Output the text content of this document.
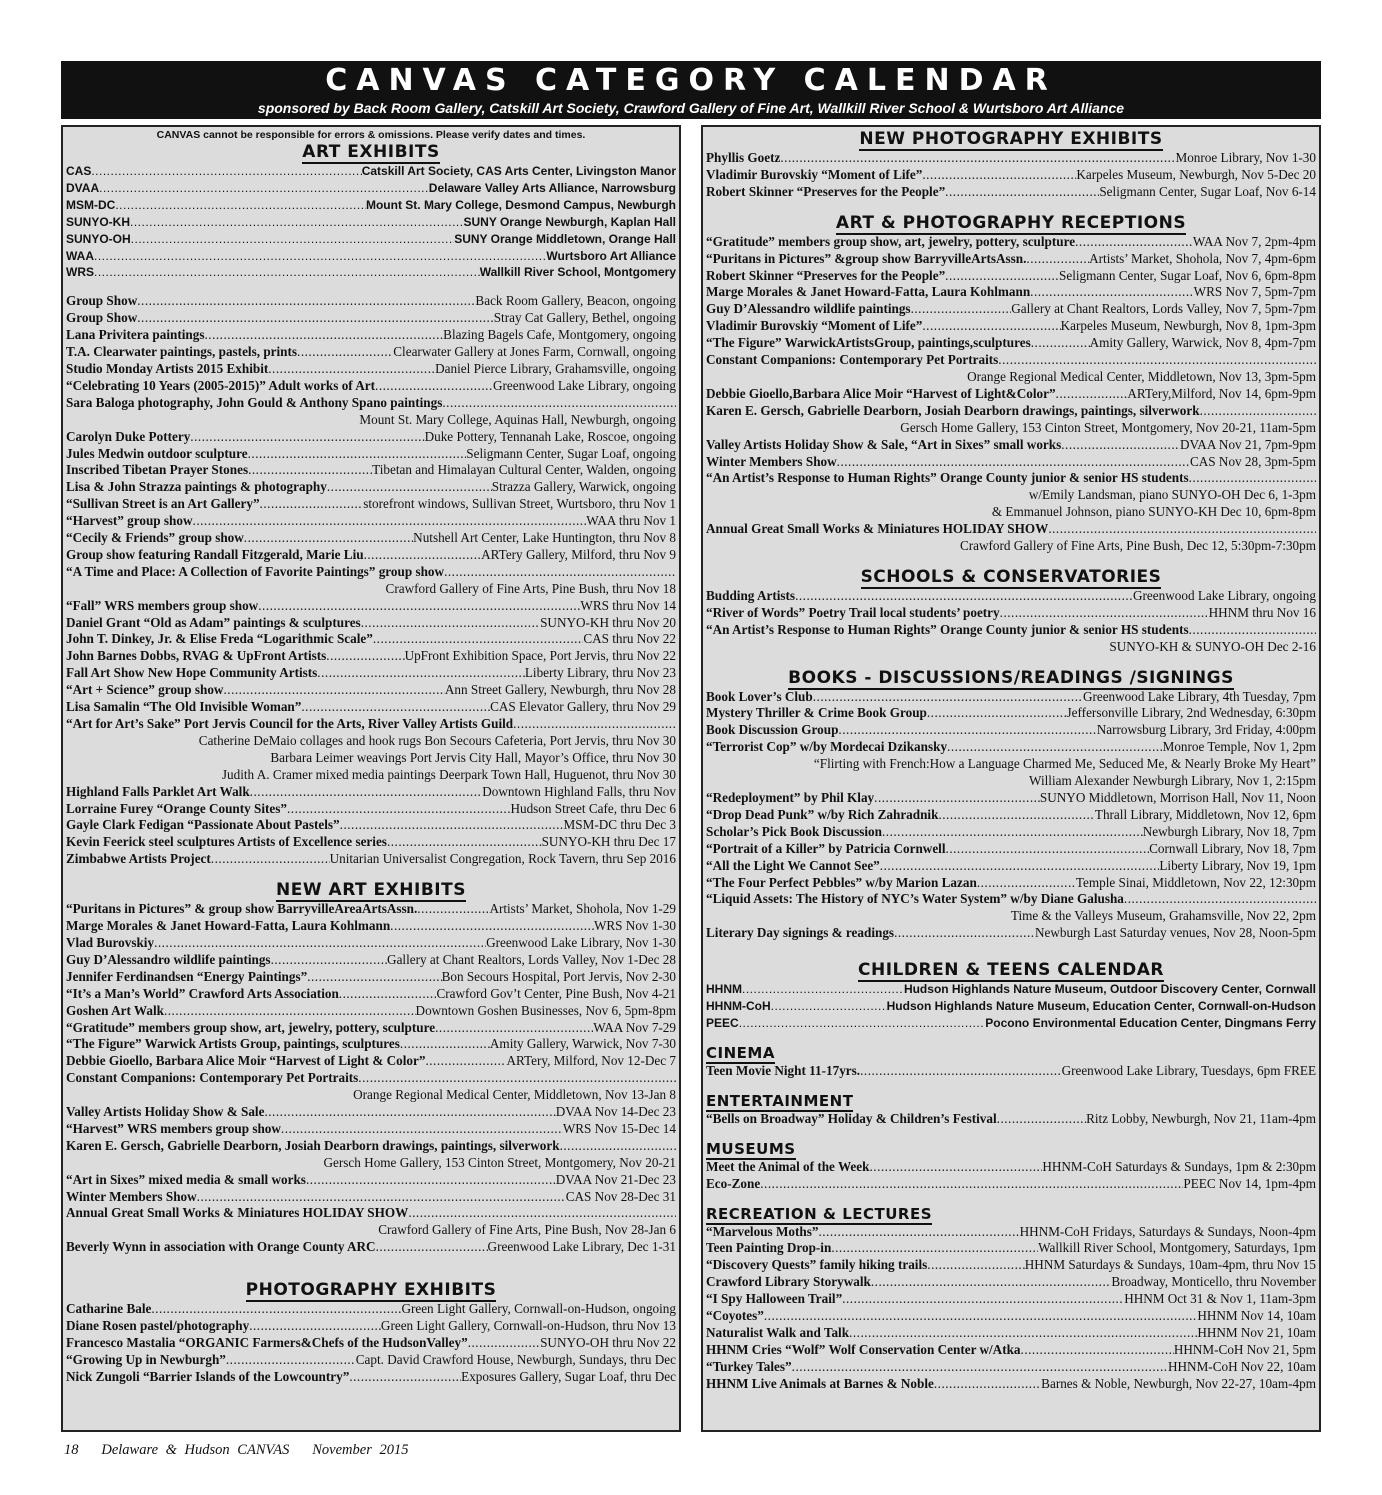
CANVAS CATEGORY CALENDAR
sponsored by Back Room Gallery, Catskill Art Society, Crawford Gallery of Fine Art, Wallkill River School & Wurtsboro Art Alliance
CANVAS cannot be responsible for errors & omissions. Please verify dates and times.
ART EXHIBITS
CAS .....	Catskill Art Society, CAS Arts Center, Livingston Manor
DVAA .....	Delaware Valley Arts Alliance, Narrowsburg
MSM-DC .....	Mount St. Mary College, Desmond Campus, Newburgh
SUNYO-KH .....	SUNY Orange Newburgh, Kaplan Hall
SUNYO-OH .....	SUNY Orange Middletown, Orange Hall
WAA .....	Wurtsboro Art Alliance
WRS .....	Wallkill River School, Montgomery
Group Show .....	Back Room Gallery, Beacon, ongoing
Group Show .....	Stray Cat Gallery, Bethel, ongoing
Lana Privitera paintings .....	Blazing Bagels Cafe, Montgomery, ongoing
T.A. Clearwater paintings, pastels, prints .....	Clearwater Gallery at Jones Farm, Cornwall, ongoing
Studio Monday Artists 2015 Exhibit .....	Daniel Pierce Library, Grahamsville, ongoing
“Celebrating 10 Years (2005-2015)” Adult works of Art .....	Greenwood Lake Library, ongoing
Sara Baloga photography, John Gould & Anthony Spano paintings
.....
Mount St. Mary College, Aquinas Hall, Newburgh, ongoing
Carolyn Duke Pottery .....	Duke Pottery, Tennanah Lake, Roscoe, ongoing
Jules Medwin outdoor sculpture .....	Seligmann Center, Sugar Loaf, ongoing
Inscribed Tibetan Prayer Stones .....	Tibetan and Himalayan Cultural Center, Walden, ongoing
Lisa & John Strazza paintings & photography .....	Strazza Gallery, Warwick, ongoing
“Sullivan Street is an Art Gallery” .....	storefront windows, Sullivan Street, Wurtsboro, thru Nov 1
“Harvest” group show .....	WAA thru Nov 1
“Cecily & Friends” group show .....	Nutshell Art Center, Lake Huntington, thru Nov 8
Group show featuring Randall Fitzgerald, Marie Liu .....	ARTery Gallery, Milford, thru Nov 9
“A Time and Place: A Collection of Favorite Paintings” group show
.....
Crawford Gallery of Fine Arts, Pine Bush, thru Nov 18
“Fall” WRS members group show .....	WRS thru Nov 14
Daniel Grant “Old as Adam” paintings & sculptures .....	SUNYO-KH thru Nov 20
John T. Dinkey, Jr. & Elise Freda “Logarithmic Scale” .....	CAS thru Nov 22
John Barnes Dobbs, RVAG & UpFront Artists .....	UpFront Exhibition Space, Port Jervis, thru Nov 22
Fall Art Show New Hope Community Artists .....	Liberty Library, thru Nov 23
“Art + Science” group show .....	Ann Street Gallery, Newburgh, thru Nov 28
Lisa Samalin “The Old Invisible Woman” .....	CAS Elevator Gallery, thru Nov 29
“Art for Art’s Sake” Port Jervis Council for the Arts, River Valley Artists Guild
.....
Catherine DeMaio collages and hook rugs Bon Secours Cafeteria, Port Jervis, thru Nov 30
Barbara Leimer weavings Port Jervis City Hall, Mayor’s Office, thru Nov 30
Judith A. Cramer mixed media paintings Deerpark Town Hall, Huguenot, thru Nov 30
Highland Falls Parklet Art Walk .....	Downtown Highland Falls, thru Nov
Lorraine Furey “Orange County Sites” .....	Hudson Street Cafe, thru Dec 6
Gayle Clark Fedigan “Passionate About Pastels” .....	MSM-DC thru Dec 3
Kevin Feerick steel sculptures Artists of Excellence series .....	SUNYO-KH thru Dec 17
Zimbabwe Artists Project .....	Unitarian Universalist Congregation, Rock Tavern, thru Sep 2016
NEW ART EXHIBITS
“Puritans in Pictures” & group show BarryvilleAreaArtsAssn. .....	Artists’ Market, Shohola, Nov 1-29
Marge Morales & Janet Howard-Fatta, Laura Kohlmann .....	WRS Nov 1-30
Vlad Burovskiy .....	Greenwood Lake Library, Nov 1-30
Guy D’Alessandro wildlife paintings .....	Gallery at Chant Realtors, Lords Valley, Nov 1-Dec 28
Jennifer Ferdinandsen “Energy Paintings” .....	Bon Secours Hospital, Port Jervis, Nov 2-30
“It’s a Man’s World” Crawford Arts Association .....	Crawford Gov’t Center, Pine Bush, Nov 4-21
Goshen Art Walk .....	Downtown Goshen Businesses, Nov 6, 5pm-8pm
“Gratitude” members group show, art, jewelry, pottery, sculpture .....	WAA Nov 7-29
“The Figure” Warwick Artists Group, paintings, sculptures .....	Amity Gallery, Warwick, Nov 7-30
Debbie Gioello, Barbara Alice Moir “Harvest of Light & Color” .....	ARTery, Milford, Nov 12-Dec 7
Constant Companions: Contemporary Pet Portraits
.....
Orange Regional Medical Center, Middletown, Nov 13-Jan 8
Valley Artists Holiday Show & Sale .....	DVAA Nov 14-Dec 23
“Harvest” WRS members group show .....	WRS Nov 15-Dec 14
Karen E. Gersch, Gabrielle Dearborn, Josiah Dearborn drawings, paintings, silverwork
.....
Gersch Home Gallery, 153 Cinton Street, Montgomery, Nov 20-21
“Art in Sixes” mixed media & small works .....	DVAA Nov 21-Dec 23
Winter Members Show .....	CAS Nov 28-Dec 31
Annual Great Small Works & Miniatures HOLIDAY SHOW
.....
Crawford Gallery of Fine Arts, Pine Bush, Nov 28-Jan 6
Beverly Wynn in association with Orange County ARC .....	Greenwood Lake Library, Dec 1-31
PHOTOGRAPHY EXHIBITS
Catharine Bale .....	Green Light Gallery, Cornwall-on-Hudson, ongoing
Diane Rosen pastel/photography .....	Green Light Gallery, Cornwall-on-Hudson, thru Nov 13
Francesco Mastalia “ORGANIC Farmers&Chefs of the HudsonValley” .....	SUNYO-OH thru Nov 22
“Growing Up in Newburgh” .....	Capt. David Crawford House, Newburgh, Sundays, thru Dec
Nick Zungoli “Barrier Islands of the Lowcountry” .....	Exposures Gallery, Sugar Loaf, thru Dec
NEW PHOTOGRAPHY EXHIBITS
Phyllis Goetz .....	Monroe Library, Nov 1-30
Vladimir Burovskiy “Moment of Life” .....	Karpeles Museum, Newburgh, Nov 5-Dec 20
Robert Skinner “Preserves for the People” .....	Seligmann Center, Sugar Loaf, Nov 6-14
ART & PHOTOGRAPHY RECEPTIONS
“Gratitude” members group show, art, jewelry, pottery, sculpture .....	WAA Nov 7, 2pm-4pm
“Puritans in Pictures” &group show BarryvilleArtsAssn. .....	Artists’ Market, Shohola, Nov 7, 4pm-6pm
Robert Skinner “Preserves for the People” .....	Seligmann Center, Sugar Loaf, Nov 6, 6pm-8pm
Marge Morales & Janet Howard-Fatta, Laura Kohlmann .....	WRS Nov 7, 5pm-7pm
Guy D’Alessandro wildlife paintings .....	Gallery at Chant Realtors, Lords Valley, Nov 7, 5pm-7pm
Vladimir Burovskiy “Moment of Life” .....	Karpeles Museum, Newburgh, Nov 8, 1pm-3pm
“The Figure” WarwickArtistsGroup, paintings,sculptures .....	Amity Gallery, Warwick, Nov 8, 4pm-7pm
Constant Companions: Contemporary Pet Portraits
.....
Orange Regional Medical Center, Middletown, Nov 13, 3pm-5pm
Debbie Gioello,Barbara Alice Moir “Harvest of Light&Color” .....	ARTery,Milford, Nov 14, 6pm-9pm
Karen E. Gersch, Gabrielle Dearborn, Josiah Dearborn drawings, paintings, silverwork
.....
Gersch Home Gallery, 153 Cinton Street, Montgomery, Nov 20-21, 11am-5pm
Valley Artists Holiday Show & Sale, “Art in Sixes” small works .....	DVAA Nov 21, 7pm-9pm
Winter Members Show .....	CAS Nov 28, 3pm-5pm
“An Artist’s Response to Human Rights” Orange County junior & senior HS students
.....
w/Emily Landsman, piano SUNYO-OH Dec 6, 1-3pm
& Emmanuel Johnson, piano SUNYO-KH Dec 10, 6pm-8pm
Annual Great Small Works & Miniatures HOLIDAY SHOW
.....
Crawford Gallery of Fine Arts, Pine Bush, Dec 12, 5:30pm-7:30pm
SCHOOLS & CONSERVATORIES
Budding Artists .....	Greenwood Lake Library, ongoing
“River of Words” Poetry Trail local students’ poetry .....	HHNM thru Nov 16
“An Artist’s Response to Human Rights” Orange County junior & senior HS students
.....
SUNYO-KH & SUNYO-OH Dec 2-16
BOOKS - DISCUSSIONS/READINGS /SIGNINGS
Book Lover’s Club .....	Greenwood Lake Library, 4th Tuesday, 7pm
Mystery Thriller & Crime Book Group .....	Jeffersonville Library, 2nd Wednesday, 6:30pm
Book Discussion Group .....	Narrowsburg Library, 3rd Friday, 4:00pm
“Terrorist Cop” w/by Mordecai Dzikansky .....	Monroe Temple, Nov 1, 2pm
“Flirting with French:How a Language Charmed Me, Seduced Me, & Nearly Broke My Heart”
William Alexander Newburgh Library, Nov 1, 2:15pm
“Redeployment” by Phil Klay .....	SUNYO Middletown, Morrison Hall, Nov 11, Noon
“Drop Dead Punk” w/by Rich Zahradnik .....	Thrall Library, Middletown, Nov 12, 6pm
Scholar’s Pick Book Discussion .....	Newburgh Library, Nov 18, 7pm
“Portrait of a Killer” by Patricia Cornwell .....	Cornwall Library, Nov 18, 7pm
“All the Light We Cannot See” .....	Liberty Library, Nov 19, 1pm
“The Four Perfect Pebbles” w/by Marion Lazan .....	Temple Sinai, Middletown, Nov 22, 12:30pm
“Liquid Assets: The History of NYC’s Water System” w/by Diane Galusha
.....
Time & the Valleys Museum, Grahamsville, Nov 22, 2pm
Literary Day signings & readings .....	Newburgh Last Saturday venues, Nov 28, Noon-5pm
CHILDREN & TEENS CALENDAR
HHNM .....	Hudson Highlands Nature Museum, Outdoor Discovery Center, Cornwall
HHNM-CoH .....	Hudson Highlands Nature Museum, Education Center, Cornwall-on-Hudson
PEEC .....	Pocono Environmental Education Center, Dingmans Ferry
CINEMA
Teen Movie Night 11-17yrs. .....	Greenwood Lake Library, Tuesdays, 6pm FREE
ENTERTAINMENT
“Bells on Broadway” Holiday & Children’s Festival .....	Ritz Lobby, Newburgh, Nov 21, 11am-4pm
MUSEUMS
Meet the Animal of the Week .....	HHNM-CoH Saturdays & Sundays, 1pm & 2:30pm
Eco-Zone .....	PEEC Nov 14, 1pm-4pm
RECREATION & LECTURES
“Marvelous Moths” .....	HHNM-CoH Fridays, Saturdays & Sundays, Noon-4pm
Teen Painting Drop-in .....	Wallkill River School, Montgomery, Saturdays, 1pm
“Discovery Quests” family hiking trails .....	HHNM Saturdays & Sundays, 10am-4pm, thru Nov 15
Crawford Library Storywalk .....	Broadway, Monticello, thru November
“I Spy Halloween Trail” .....	HHNM Oct 31 & Nov 1, 11am-3pm
“Coyotes” .....	HHNM Nov 14, 10am
Naturalist Walk and Talk .....	HHNM Nov 21, 10am
HHNM Cries “Wolf” Wolf Conservation Center w/Atka .....	HHNM-CoH Nov 21, 5pm
“Turkey Tales” .....	HHNM-CoH Nov 22, 10am
HHNM Live Animals at Barnes & Noble .....	Barnes & Noble, Newburgh, Nov 22-27, 10am-4pm
18 Delaware & Hudson CANVAS November 2015
